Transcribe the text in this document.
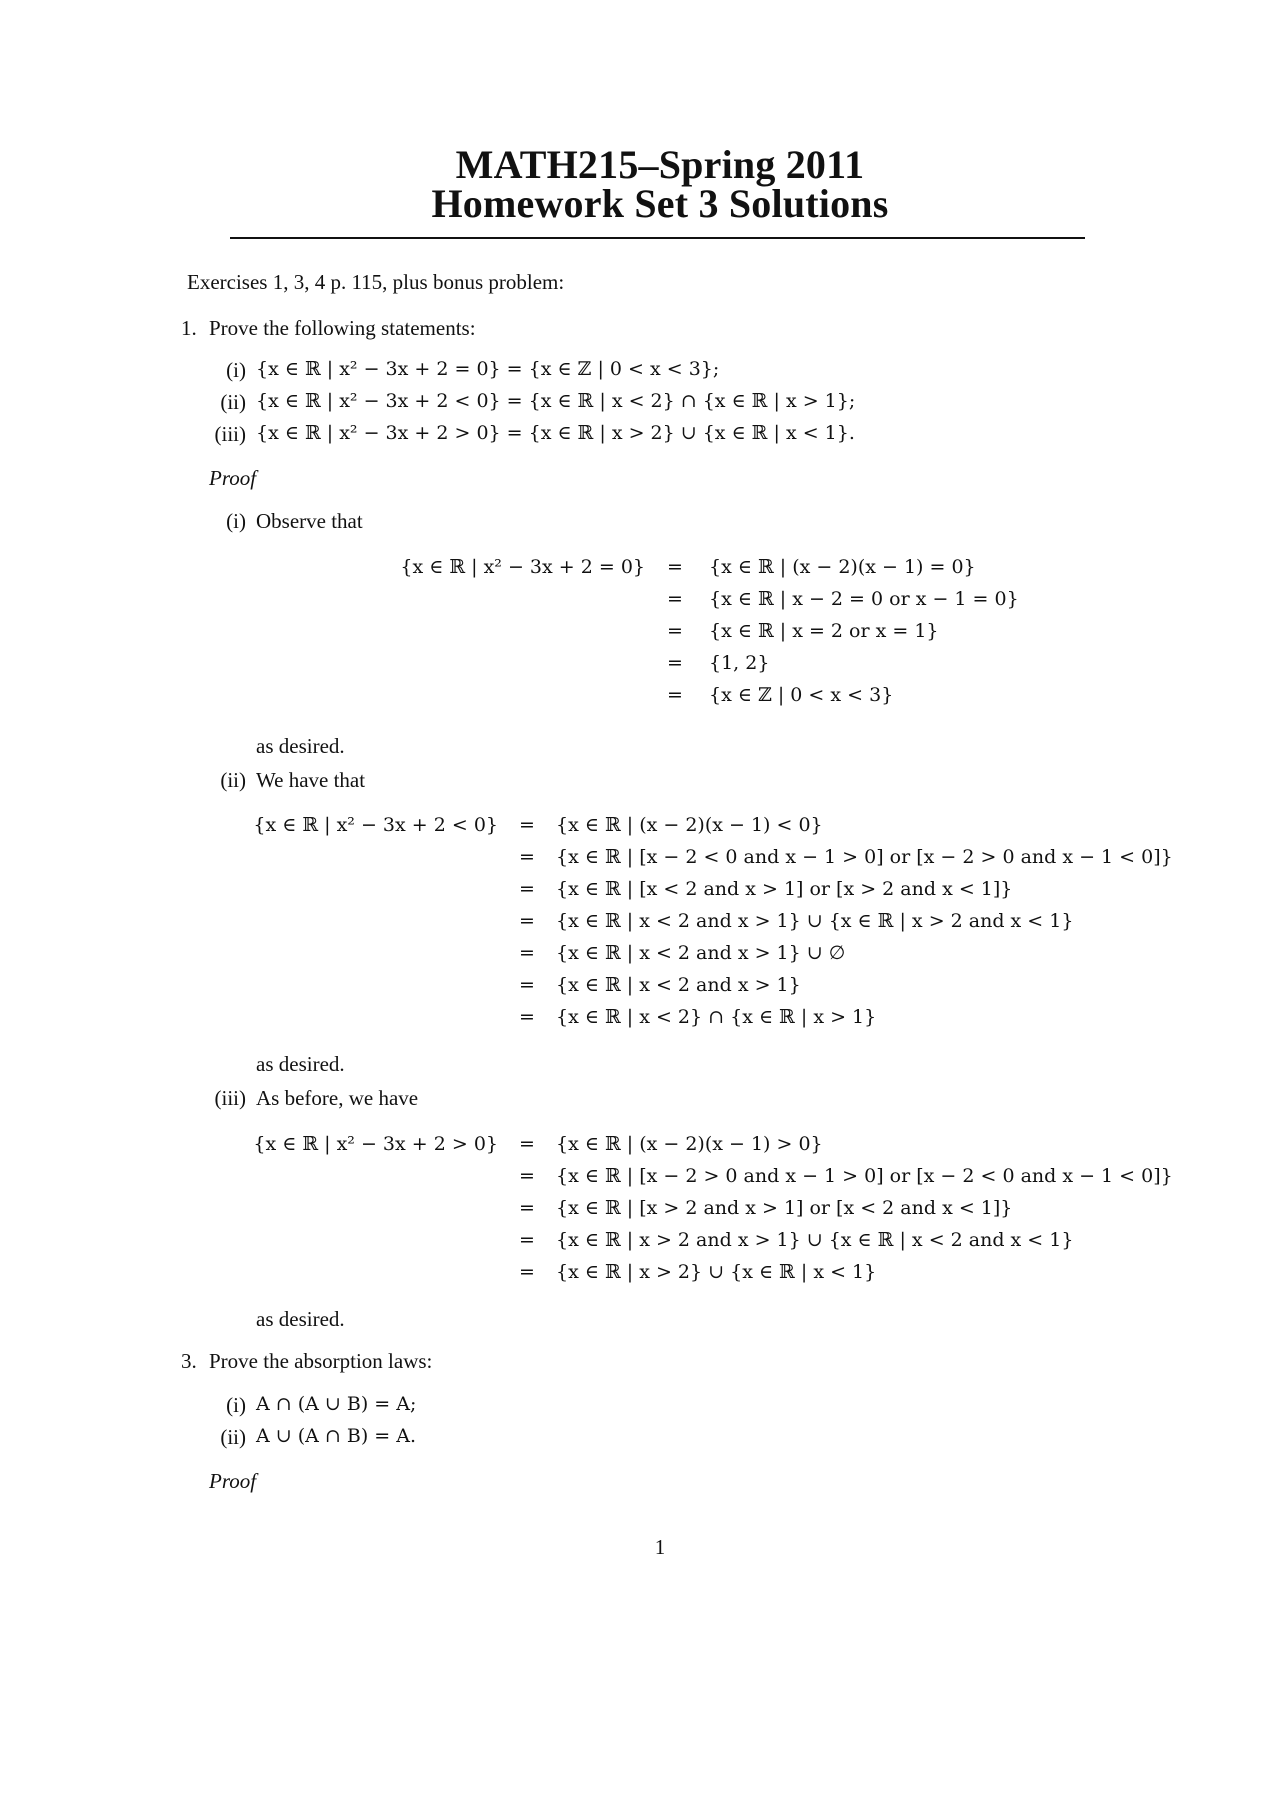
MATH215–Spring 2011
Homework Set 3 Solutions
Exercises 1, 3, 4 p. 115, plus bonus problem:
1. Prove the following statements:
(i) {x ∈ ℝ | x² − 3x + 2 = 0} = {x ∈ ℤ | 0 < x < 3};
(ii) {x ∈ ℝ | x² − 3x + 2 < 0} = {x ∈ ℝ | x < 2} ∩ {x ∈ ℝ | x > 1};
(iii) {x ∈ ℝ | x² − 3x + 2 > 0} = {x ∈ ℝ | x > 2} ∪ {x ∈ ℝ | x < 1}.
Proof
(i) Observe that
{x ∈ ℝ | x² − 3x + 2 = 0} = {x ∈ ℝ | (x − 2)(x − 1) = 0}
= {x ∈ ℝ | x − 2 = 0 or x − 1 = 0}
= {x ∈ ℝ | x = 2 or x = 1}
= {1, 2}
= {x ∈ ℤ | 0 < x < 3}
as desired.
(ii) We have that
{x ∈ ℝ | x² − 3x + 2 < 0} = {x ∈ ℝ | (x − 2)(x − 1) < 0}
= {x ∈ ℝ | [x − 2 < 0 and x − 1 > 0] or [x − 2 > 0 and x − 1 < 0]}
= {x ∈ ℝ | [x < 2 and x > 1] or [x > 2 and x < 1]}
= {x ∈ ℝ | x < 2 and x > 1} ∪ {x ∈ ℝ | x > 2 and x < 1}
= {x ∈ ℝ | x < 2 and x > 1} ∪ ∅
= {x ∈ ℝ | x < 2 and x > 1}
= {x ∈ ℝ | x < 2} ∩ {x ∈ ℝ | x > 1}
as desired.
(iii) As before, we have
{x ∈ ℝ | x² − 3x + 2 > 0} = {x ∈ ℝ | (x − 2)(x − 1) > 0}
= {x ∈ ℝ | [x − 2 > 0 and x − 1 > 0] or [x − 2 < 0 and x − 1 < 0]}
= {x ∈ ℝ | [x > 2 and x > 1] or [x < 2 and x < 1]}
= {x ∈ ℝ | x > 2 and x > 1} ∪ {x ∈ ℝ | x < 2 and x < 1}
= {x ∈ ℝ | x > 2} ∪ {x ∈ ℝ | x < 1}
as desired.
3. Prove the absorption laws:
(i) A ∩ (A ∪ B) = A;
(ii) A ∪ (A ∩ B) = A.
Proof
1
